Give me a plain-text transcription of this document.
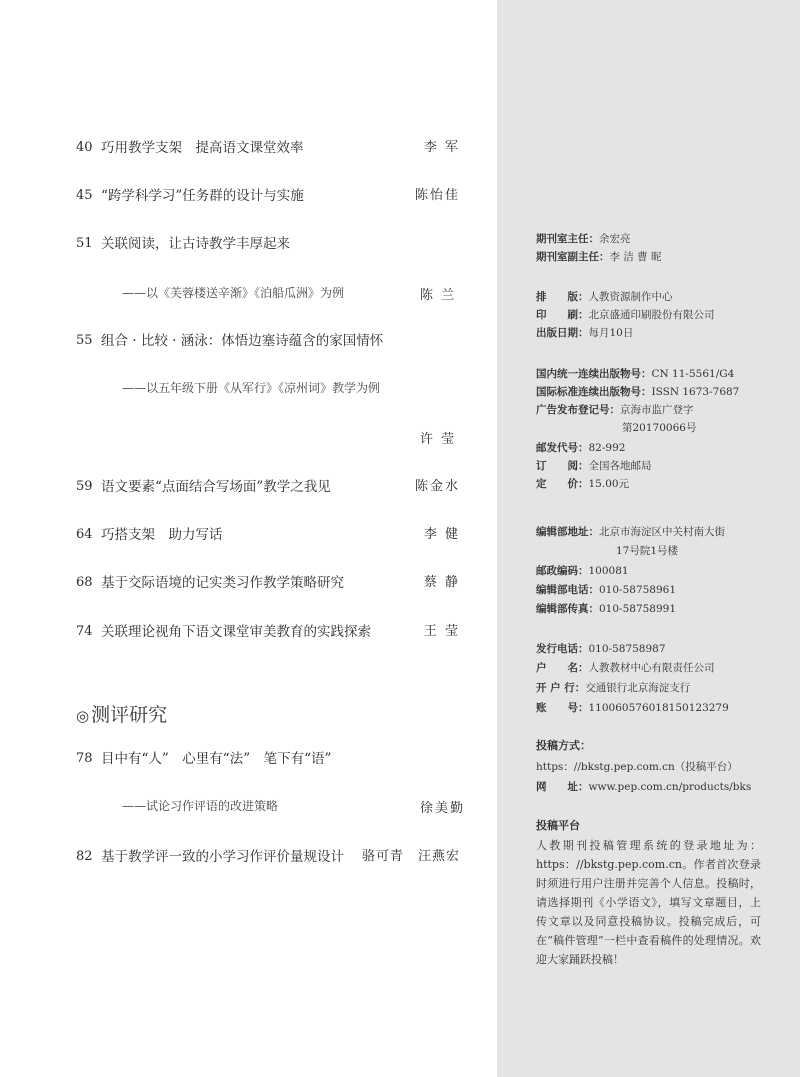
40 巧用教学支架　提高语文课堂效率	李 军
45 “跨学科学习”任务群的设计与实施	陈怡佳
51 关联阅读，让古诗教学丰厚起来
——以《芙蓉楼送辛渐》《泊船瓜洲》为例	陈 兰
55 组合 · 比较 · 涵泳：体悟边塞诗蕴含的家国情怀
——以五年级下册《从军行》《凉州词》教学为例
许 莹
59 语文要素“点面结合写场面”教学之我见	陈金水
64 巧搭支架　助力写话	李 健
68 基于交际语境的记实类习作教学策略研究	蔡 静
74 关联理论视角下语文课堂审美教育的实践探索	王 莹
◎ 测评研究
78 目中有“人”　心里有“法”　笔下有“语”
——试论习作评语的改进策略	徐美勤
82 基于教学评一致的小学习作评价量规设计 骆可青　汪燕宏
期刊室主任：余宏亮
期刊室副主任：李 洁 曹 昵
排　　版：人教资源制作中心
印　　刷：北京盛通印刷股份有限公司
出版日期：每月10日
国内统一连续出版物号：CN 11-5561/G4
国际标准连续出版物号：ISSN 1673-7687
广告发布登记号：京海市监广登字
第20170066号
邮发代号：82-992
订　　阅：全国各地邮局
定　　价：15.00元
编辑部地址：北京市海淀区中关村南大街
17号院1号楼
邮政编码：100081
编辑部电话：010-58758961
编辑部传真：010-58758991
发行电话：010-58758987
户　　名：人教教材中心有限责任公司
开 户 行：交通银行北京海淀支行
账　　号：110060576018150123279
投稿方式：
https：//bkstg.pep.com.cn（投稿平台）
网　　址：www.pep.com.cn/products/bks
投稿平台
人教期刊投稿管理系统的登录地址为：https：//bkstg.pep.com.cn。作者首次登录时须进行用户注册并完善个人信息。投稿时，请选择期刊《小学语文》，填写文章题目，上传文章以及同意投稿协议。投稿完成后，可在“稿件管理”一栏中查看稿件的处理情况。欢迎大家踊跃投稿！
